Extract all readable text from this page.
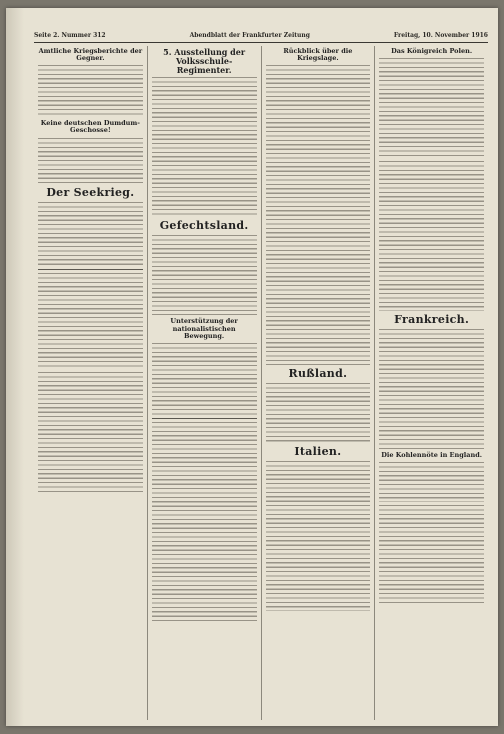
Seite 2. Nummer 312	Abendblatt der Frankfurter Zeitung	Freitag, 10. November 1916
Amtliche Kriegsberichte der Gegner.
Keine deutschen Dumdum-Geschosse!
Der Seekrieg.
5. Ausstellung der Volksschule-Regimenter.
Gefechtsland.
Unterstützung der nationalistischen Bewegung.
Rückblick über die Kriegslage.
Rußland.
Italien.
Das Königreich Polen.
Frankreich.
Die Kohlennöte in England.
